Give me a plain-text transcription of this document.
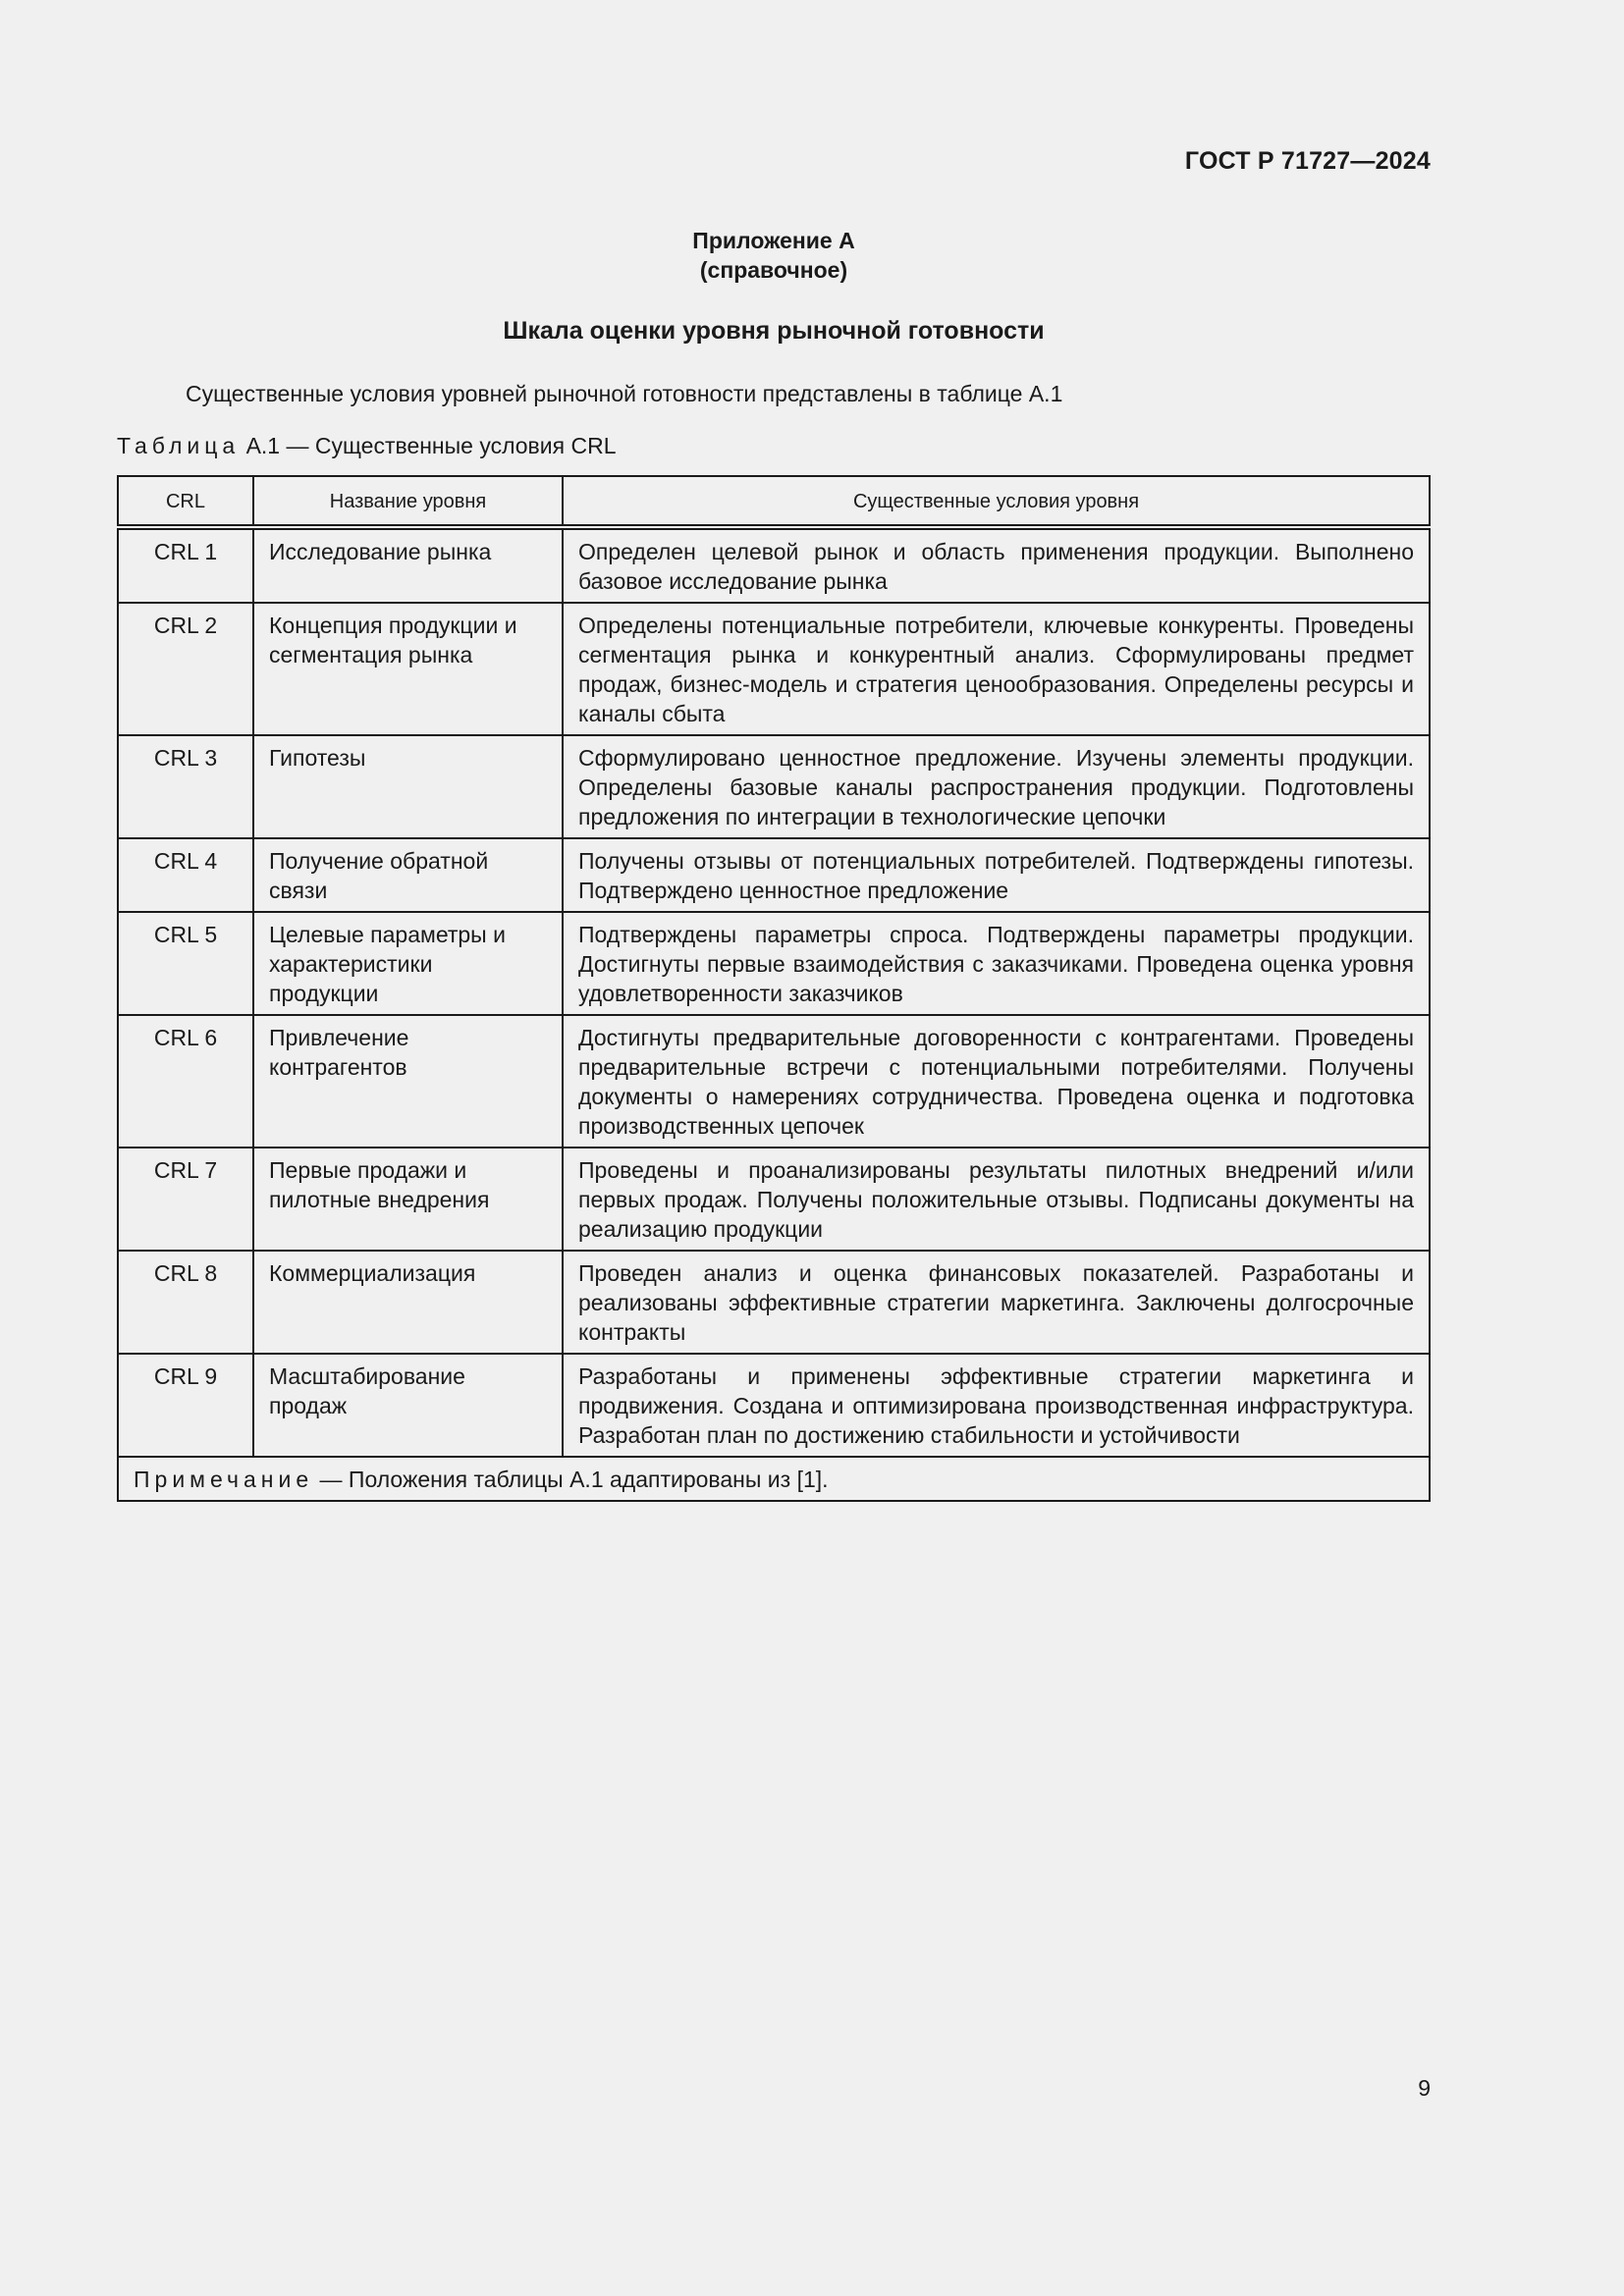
ГОСТ Р 71727—2024
Приложение А
(справочное)
Шкала оценки уровня рыночной готовности
Существенные условия уровней рыночной готовности представлены в таблице А.1
Таблица А.1 — Существенные условия CRL
CRL	Название уровня	Существенные условия уровня
CRL 1	Исследование рынка	Определен целевой рынок и область применения продукции. Выполнено базовое исследование рынка
CRL 2	Концепция продукции и сегментация рынка	Определены потенциальные потребители, ключевые конкуренты. Проведены сегментация рынка и конкурентный анализ. Сформулированы предмет продаж, бизнес-модель и стратегия ценообразования. Определены ресурсы и каналы сбыта
CRL 3	Гипотезы	Сформулировано ценностное предложение. Изучены элементы продукции. Определены базовые каналы распространения продукции. Подготовлены предложения по интеграции в технологические цепочки
CRL 4	Получение обратной связи	Получены отзывы от потенциальных потребителей. Подтверждены гипотезы. Подтверждено ценностное предложение
CRL 5	Целевые параметры и характеристики продукции	Подтверждены параметры спроса. Подтверждены параметры продукции. Достигнуты первые взаимодействия с заказчиками. Проведена оценка уровня удовлетворенности заказчиков
CRL 6	Привлечение контрагентов	Достигнуты предварительные договоренности с контрагентами. Проведены предварительные встречи с потенциальными потребителями. Получены документы о намерениях сотрудничества. Проведена оценка и подготовка производственных цепочек
CRL 7	Первые продажи и пилотные внедрения	Проведены и проанализированы результаты пилотных внедрений и/или первых продаж. Получены положительные отзывы. Подписаны документы на реализацию продукции
CRL 8	Коммерциализация	Проведен анализ и оценка финансовых показателей. Разработаны и реализованы эффективные стратегии маркетинга. Заключены долгосрочные контракты
CRL 9	Масштабирование продаж	Разработаны и применены эффективные стратегии маркетинга и продвижения. Создана и оптимизирована производственная инфраструктура. Разработан план по достижению стабильности и устойчивости
Примечание — Положения таблицы А.1 адаптированы из [1].		
9
